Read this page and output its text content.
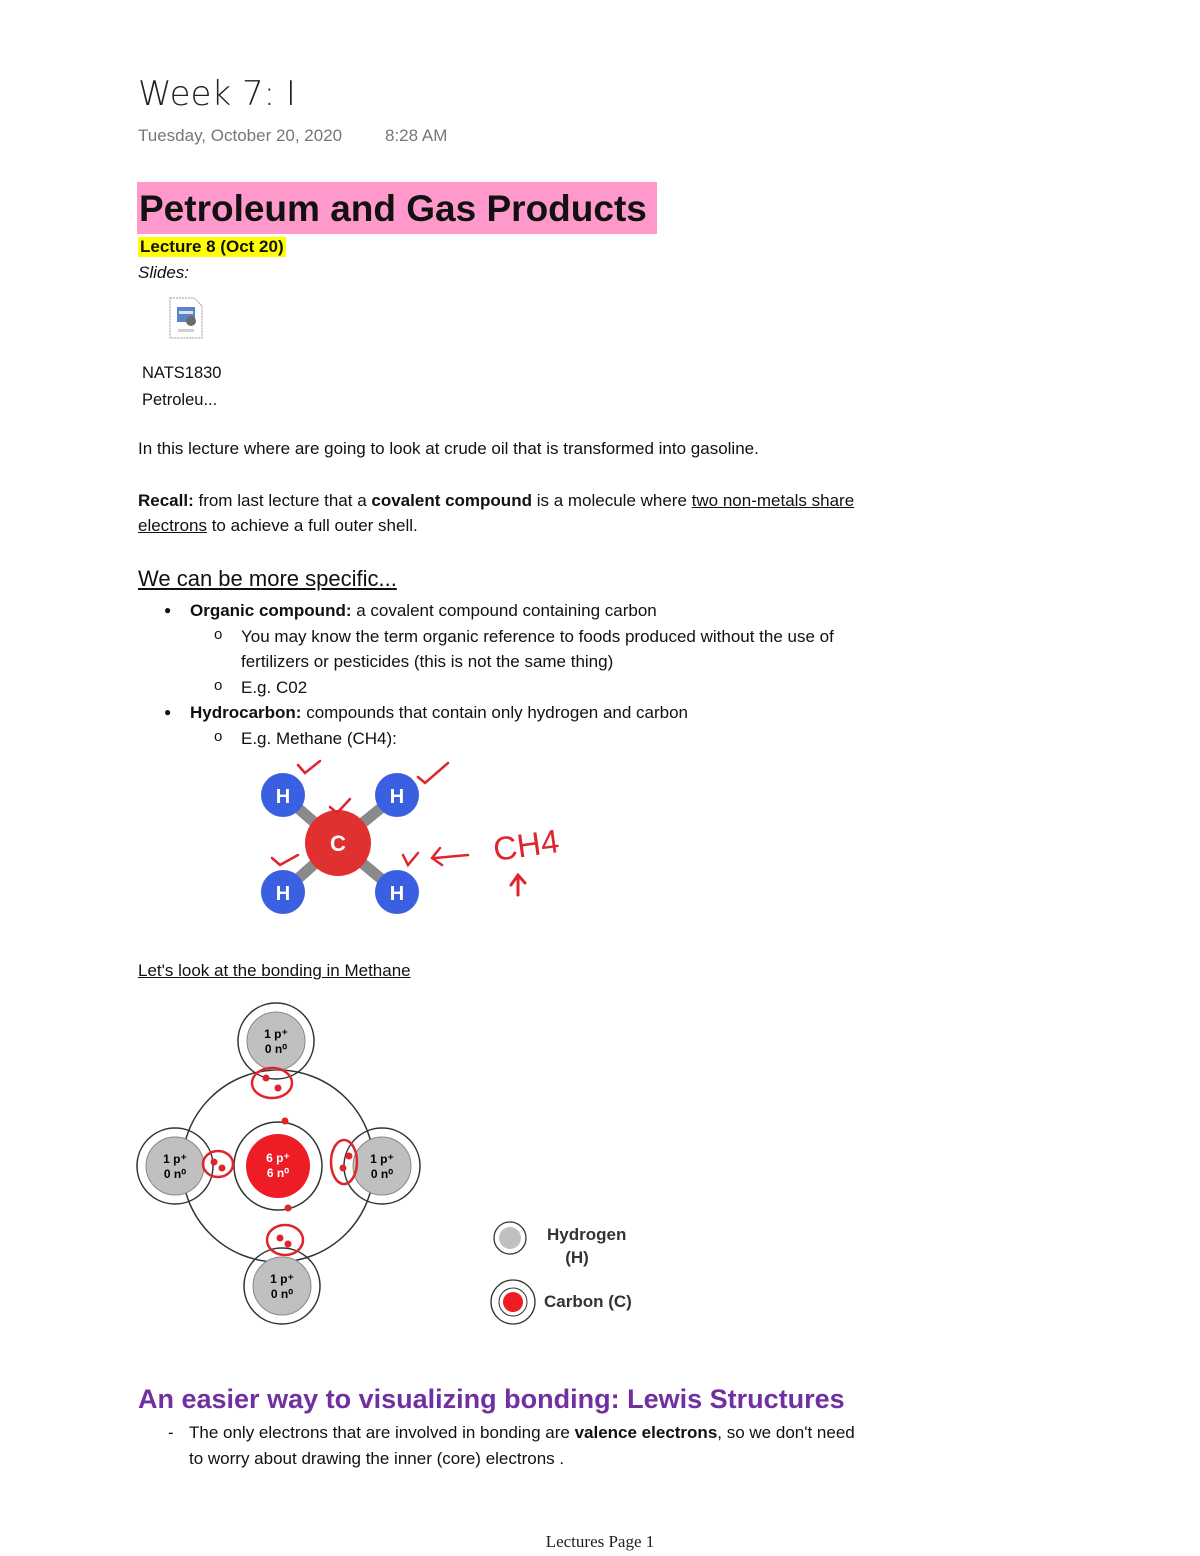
Week 7: I
Tuesday, October 20, 2020	8:28 AM
Petroleum and Gas Products
Lecture 8 (Oct 20)
Slides:
NATS1830
Petroleu...
In this lecture where are going to look at crude oil that is transformed into gasoline.
Recall: from last lecture that a covalent compound is a molecule where two non-metals share electrons to achieve a full outer shell.
We can be more specific...
● Organic compound: a covalent compound containing carbon
o You may know the term organic reference to foods produced without the use of fertilizers or pesticides (this is not the same thing)
o E.g. C02
● Hydrocarbon: compounds that contain only hydrogen and carbon
o E.g. Methane (CH4):
C
H	H
H	H
CH4
Let's look at the bonding in Methane
6 p⁺
6 n⁰
1 p⁺
0 n⁰
1 p⁺
0 n⁰
1 p⁺
0 n⁰
1 p⁺
0 n⁰
Hydrogen
(H)
Carbon (C)
An easier way to visualizing bonding: Lewis Structures
- The only electrons that are involved in bonding are valence electrons, so we don't need to worry about drawing the inner (core) electrons .
Lectures Page 1
